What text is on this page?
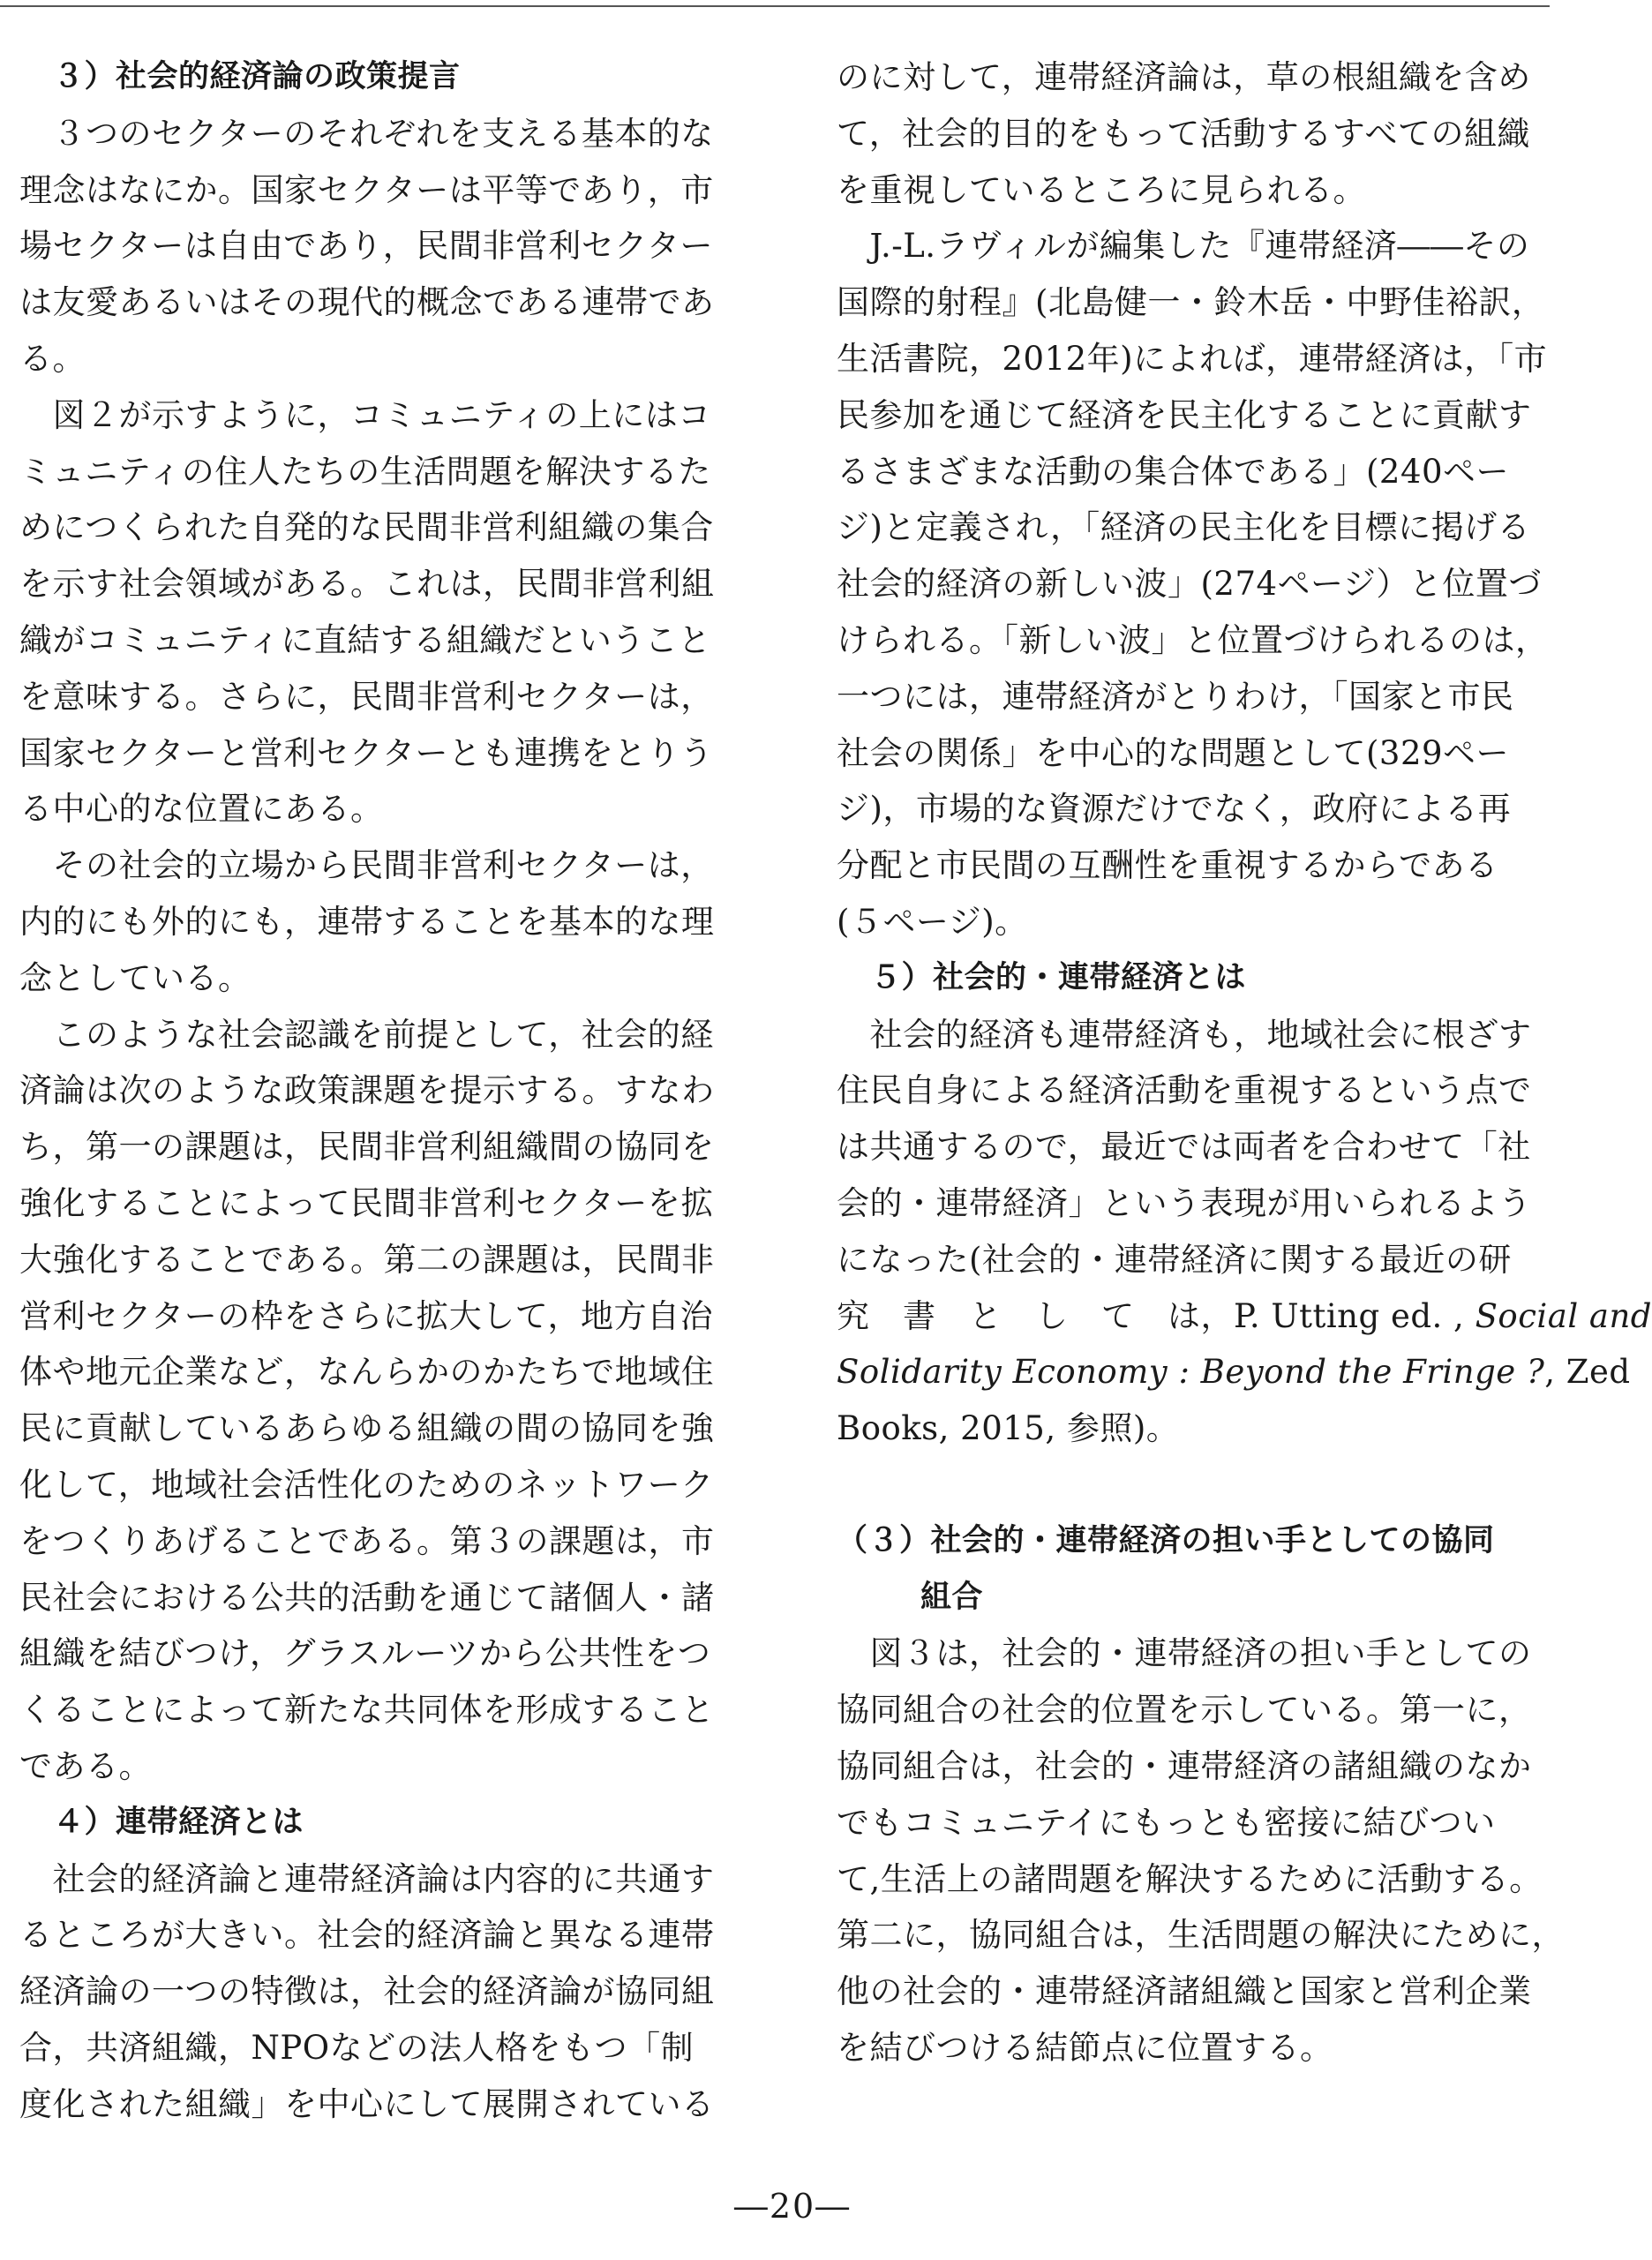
３）社会的経済論の政策提言
　３つのセクターのそれぞれを支える基本的な
理念はなにか。国家セクターは平等であり，市
場セクターは自由であり，民間非営利セクター
は友愛あるいはその現代的概念である連帯であ
る。
　図２が示すように，コミュニティの上にはコ
ミュニティの住人たちの生活問題を解決するた
めにつくられた自発的な民間非営利組織の集合
を示す社会領域がある。これは，民間非営利組
織がコミュニティに直結する組織だということ
を意味する。さらに，民間非営利セクターは，
国家セクターと営利セクターとも連携をとりう
る中心的な位置にある。
　その社会的立場から民間非営利セクターは，
内的にも外的にも，連帯することを基本的な理
念としている。
　このような社会認識を前提として，社会的経
済論は次のような政策課題を提示する。すなわ
ち，第一の課題は，民間非営利組織間の協同を
強化することによって民間非営利セクターを拡
大強化することである。第二の課題は，民間非
営利セクターの枠をさらに拡大して，地方自治
体や地元企業など，なんらかのかたちで地域住
民に貢献しているあらゆる組織の間の協同を強
化して，地域社会活性化のためのネットワーク
をつくりあげることである。第３の課題は，市
民社会における公共的活動を通じて諸個人・諸
組織を結びつけ，グラスルーツから公共性をつ
くることによって新たな共同体を形成すること
である。
４）連帯経済とは
　社会的経済論と連帯経済論は内容的に共通す
るところが大きい。社会的経済論と異なる連帯
経済論の一つの特徴は，社会的経済論が協同組
合，共済組織，NPOなどの法人格をもつ「制
度化された組織」を中心にして展開されている
のに対して，連帯経済論は，草の根組織を含め
て，社会的目的をもって活動するすべての組織
を重視しているところに見られる。
　J.-L.ラヴィルが編集した『連帯経済――その
国際的射程』(北島健一・鈴木岳・中野佳裕訳，
生活書院，2012年)によれば，連帯経済は，「市
民参加を通じて経済を民主化することに貢献す
るさまざまな活動の集合体である」(240ペー
ジ)と定義され，「経済の民主化を目標に掲げる
社会的経済の新しい波」(274ページ）と位置づ
けられる。「新しい波」と位置づけられるのは，
一つには，連帯経済がとりわけ，「国家と市民
社会の関係」を中心的な問題として(329ペー
ジ)，市場的な資源だけでなく，政府による再
分配と市民間の互酬性を重視するからである
(５ページ)。
５）社会的・連帯経済とは
　社会的経済も連帯経済も，地域社会に根ざす
住民自身による経済活動を重視するという点で
は共通するので，最近では両者を合わせて「社
会的・連帯経済」という表現が用いられるよう
になった(社会的・連帯経済に関する最近の研
究　書　と　し　て　は，P. Utting ed. , Social and
Solidarity Economy : Beyond the Fringe ?, Zed
Books, 2015, 参照)。
（３）社会的・連帯経済の担い手としての協同
組合
　図３は，社会的・連帯経済の担い手としての
協同組合の社会的位置を示している。第一に，
協同組合は，社会的・連帯経済の諸組織のなか
でもコミュニテイにもっとも密接に結びつい
て,生活上の諸問題を解決するために活動する。
第二に，協同組合は，生活問題の解決にために，
他の社会的・連帯経済諸組織と国家と営利企業
を結びつける結節点に位置する。
―20―
